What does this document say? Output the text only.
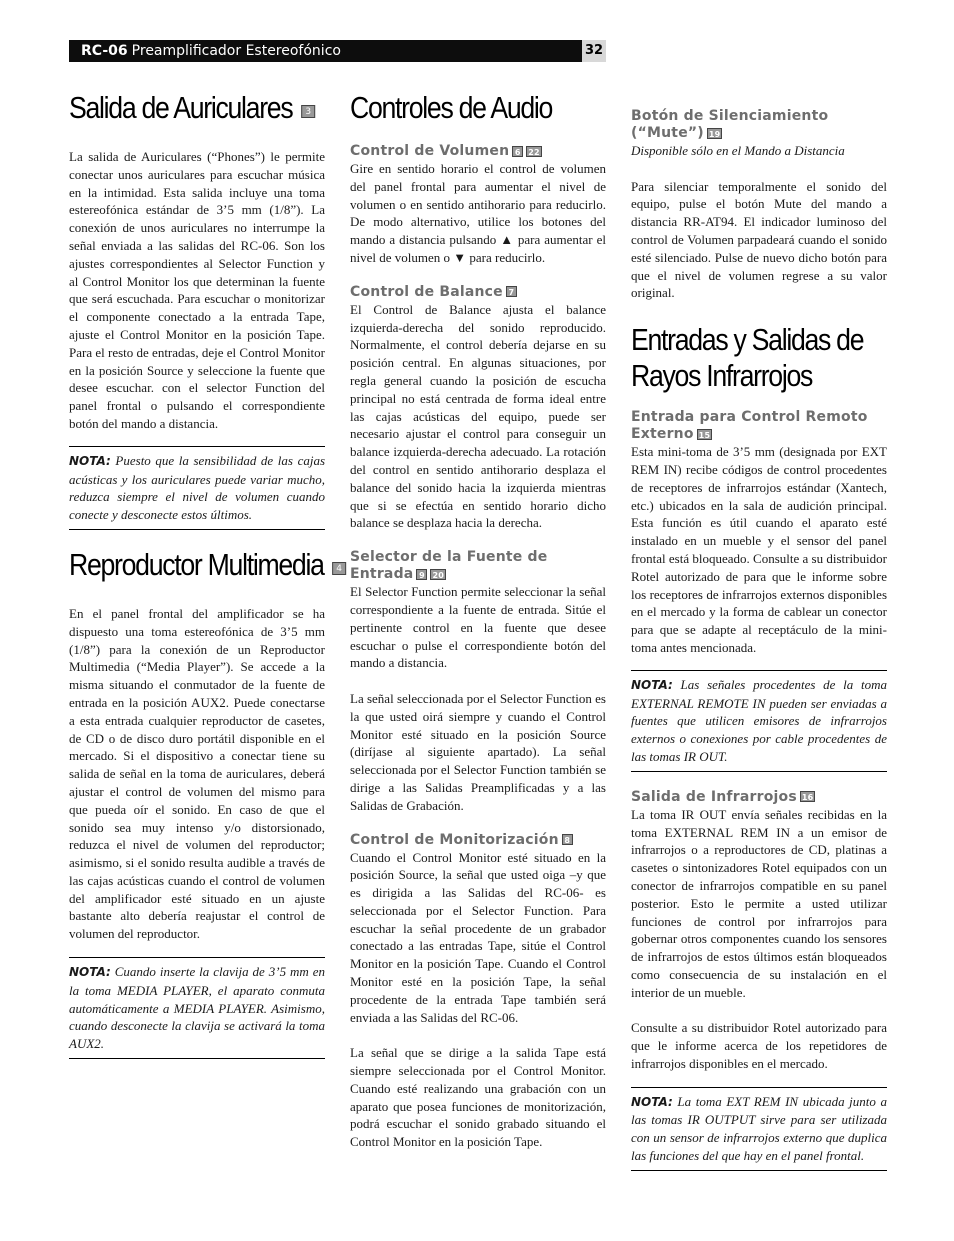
RC-06 Preamplificador Estereofónico	32
Salida de Auriculares 3

La salida de Auriculares (“Phones”) le permite conectar unos auriculares para escuchar música en la intimidad. Esta salida incluye una toma estereofónica estándar de 3’5 mm (1/8”). La conexión de unos auriculares no interrumpe la señal enviada a las salidas del RC-06. Son los ajustes correspondientes al Selector Function y al Control Monitor los que determinan la fuente que será escuchada. Para escuchar o monitorizar el componente conectado a la entrada Tape, ajuste el Control Monitor en la posición Tape. Para el resto de entradas, deje el Control Monitor en la posición Source y seleccione la fuente que desee escuchar. con el selector Function del panel frontal o pulsando el correspondiente botón del mando a distancia.

NOTA: Puesto que la sensibilidad de las cajas acústicas y los auriculares puede variar mucho, reduzca siempre el nivel de volumen cuando conecte y desconecte estos últimos.
Reproductor Multimedia 4

En el panel frontal del amplificador se ha dispuesto una toma estereofónica de 3’5 mm (1/8”) para la conexión de un Reproductor Multimedia (“Media Player”). Se accede a la misma situando el conmutador de la fuente de entrada en la posición AUX2. Puede conectarse a esta entrada cualquier reproductor de casetes, de CD o de disco duro portátil disponible en el mercado. Si el dispositivo a conectar tiene su salida de señal en la toma de auriculares, deberá ajustar el control de volumen del mismo para que pueda oír el sonido. En caso de que el sonido sea muy intenso y/o distorsionado, reduzca el nivel de volumen del reproductor; asimismo, si el sonido resulta audible a través de las cajas acústicas cuando el control de volumen del amplificador esté situado en un ajuste bastante alto debería reajustar el control de volumen del reproductor.

NOTA: Cuando inserte la clavija de 3’5 mm en la toma MEDIA PLAYER, el aparato conmuta automáticamente a MEDIA PLAYER. Asimismo, cuando desconecte la clavija se activará la toma AUX2.
Controles de Audio
Control de Volumen 6 22

Gire en sentido horario el control de volumen del panel frontal para aumentar el nivel de volumen o en sentido antihorario para reducirlo. De modo alternativo, utilice los botones del mando a distancia pulsando ▲ para aumentar el nivel de volumen o ▼ para reducirlo.

Control de Balance 7

El Control de Balance ajusta el balance izquierda-derecha del sonido reproducido. Normalmente, el control debería dejarse en su posición central. En algunas situaciones, por regla general cuando la posición de escucha principal no está centrada de forma ideal entre las cajas acústicas del equipo, puede ser necesario ajustar el control para conseguir un balance izquierda-derecha adecuado. La rotación del control en sentido antihorario desplaza el balance del sonido hacia la izquierda mientras que si se efectúa en sentido horario dicho balance se desplaza hacia la derecha.

Selector de la Fuente de Entrada 9 20

El Selector Function permite seleccionar la señal correspondiente a la fuente de entrada. Sitúe el pertinente control en la fuente que desee escuchar o pulse el correspondiente botón del mando a distancia.

La señal seleccionada por el Selector Function es la que usted oirá siempre y cuando el Control Monitor esté situado en la posición Source (diríjase al siguiente apartado). La señal seleccionada por el Selector Function también se dirige a las Salidas Preamplificadas y a las Salidas de Grabación.

Control de Monitorización 8

Cuando el Control Monitor esté situado en la posición Source, la señal que usted oiga –y que es dirigida a las Salidas del RC-06- es seleccionada por el Selector Function. Para escuchar la señal procedente de un grabador conectado a las entradas Tape, sitúe el Control Monitor en la posición Tape. Cuando el Control Monitor esté en la posición Tape, la señal procedente de la entrada Tape también será enviada a las Salidas del RC-06.

La señal que se dirige a la salida Tape está siempre seleccionada por el Control Monitor. Cuando esté realizando una grabación con un aparato que posea funciones de monitorización, podrá escuchar el sonido grabado situando el Control Monitor en la posición Tape.

Botón de Silenciamiento (“Mute”) 19
Disponible sólo en el Mando a Distancia

Para silenciar temporalmente el sonido del equipo, pulse el botón Mute del mando a distancia RR-AT94. El indicador luminoso del control de Volumen parpadeará cuando el sonido esté silenciado. Pulse de nuevo dicho botón para que el nivel de volumen regrese a su valor original.

Entradas y Salidas de Rayos Infrarrojos
Entrada para Control Remoto Externo 15

Esta mini-toma de 3’5 mm (designada por EXT REM IN) recibe códigos de control procedentes de receptores de infrarrojos estándar (Xantech, etc.) ubicados en la sala de audición principal. Esta función es útil cuando el aparato esté instalado en un mueble y el sensor del panel frontal está bloqueado. Consulte a su distribuidor Rotel autorizado de para que le informe sobre los receptores de infrarrojos externos disponibles en el mercado y la forma de cablear un conector para que se adapte al receptáculo de la mini-toma antes mencionada.

NOTA: Las señales procedentes de la toma EXTERNAL REMOTE IN pueden ser enviadas a fuentes que utilicen emisores de infrarrojos externos o conexiones por cable procedentes de las tomas IR OUT.
Salida de Infrarrojos 16

La toma IR OUT envía señales recibidas en la toma EXTERNAL REM IN a un emisor de infrarrojos o a reproductores de CD, platinas a casetes o sintonizadores Rotel equipados con un conector de infrarrojos compatible en su panel posterior. Esto le permite a usted utilizar funciones de control por infrarrojos para gobernar otros componentes cuando los sensores de infrarrojos de estos últimos están bloqueados como consecuencia de su instalación en el interior de un mueble.

Consulte a su distribuidor Rotel autorizado para que le informe acerca de los repetidores de infrarrojos disponibles en el mercado.

NOTA: La toma EXT REM IN ubicada junto a las tomas IR OUTPUT sirve para ser utilizada con un sensor de infrarrojos externo que duplica las funciones del que hay en el panel frontal.
